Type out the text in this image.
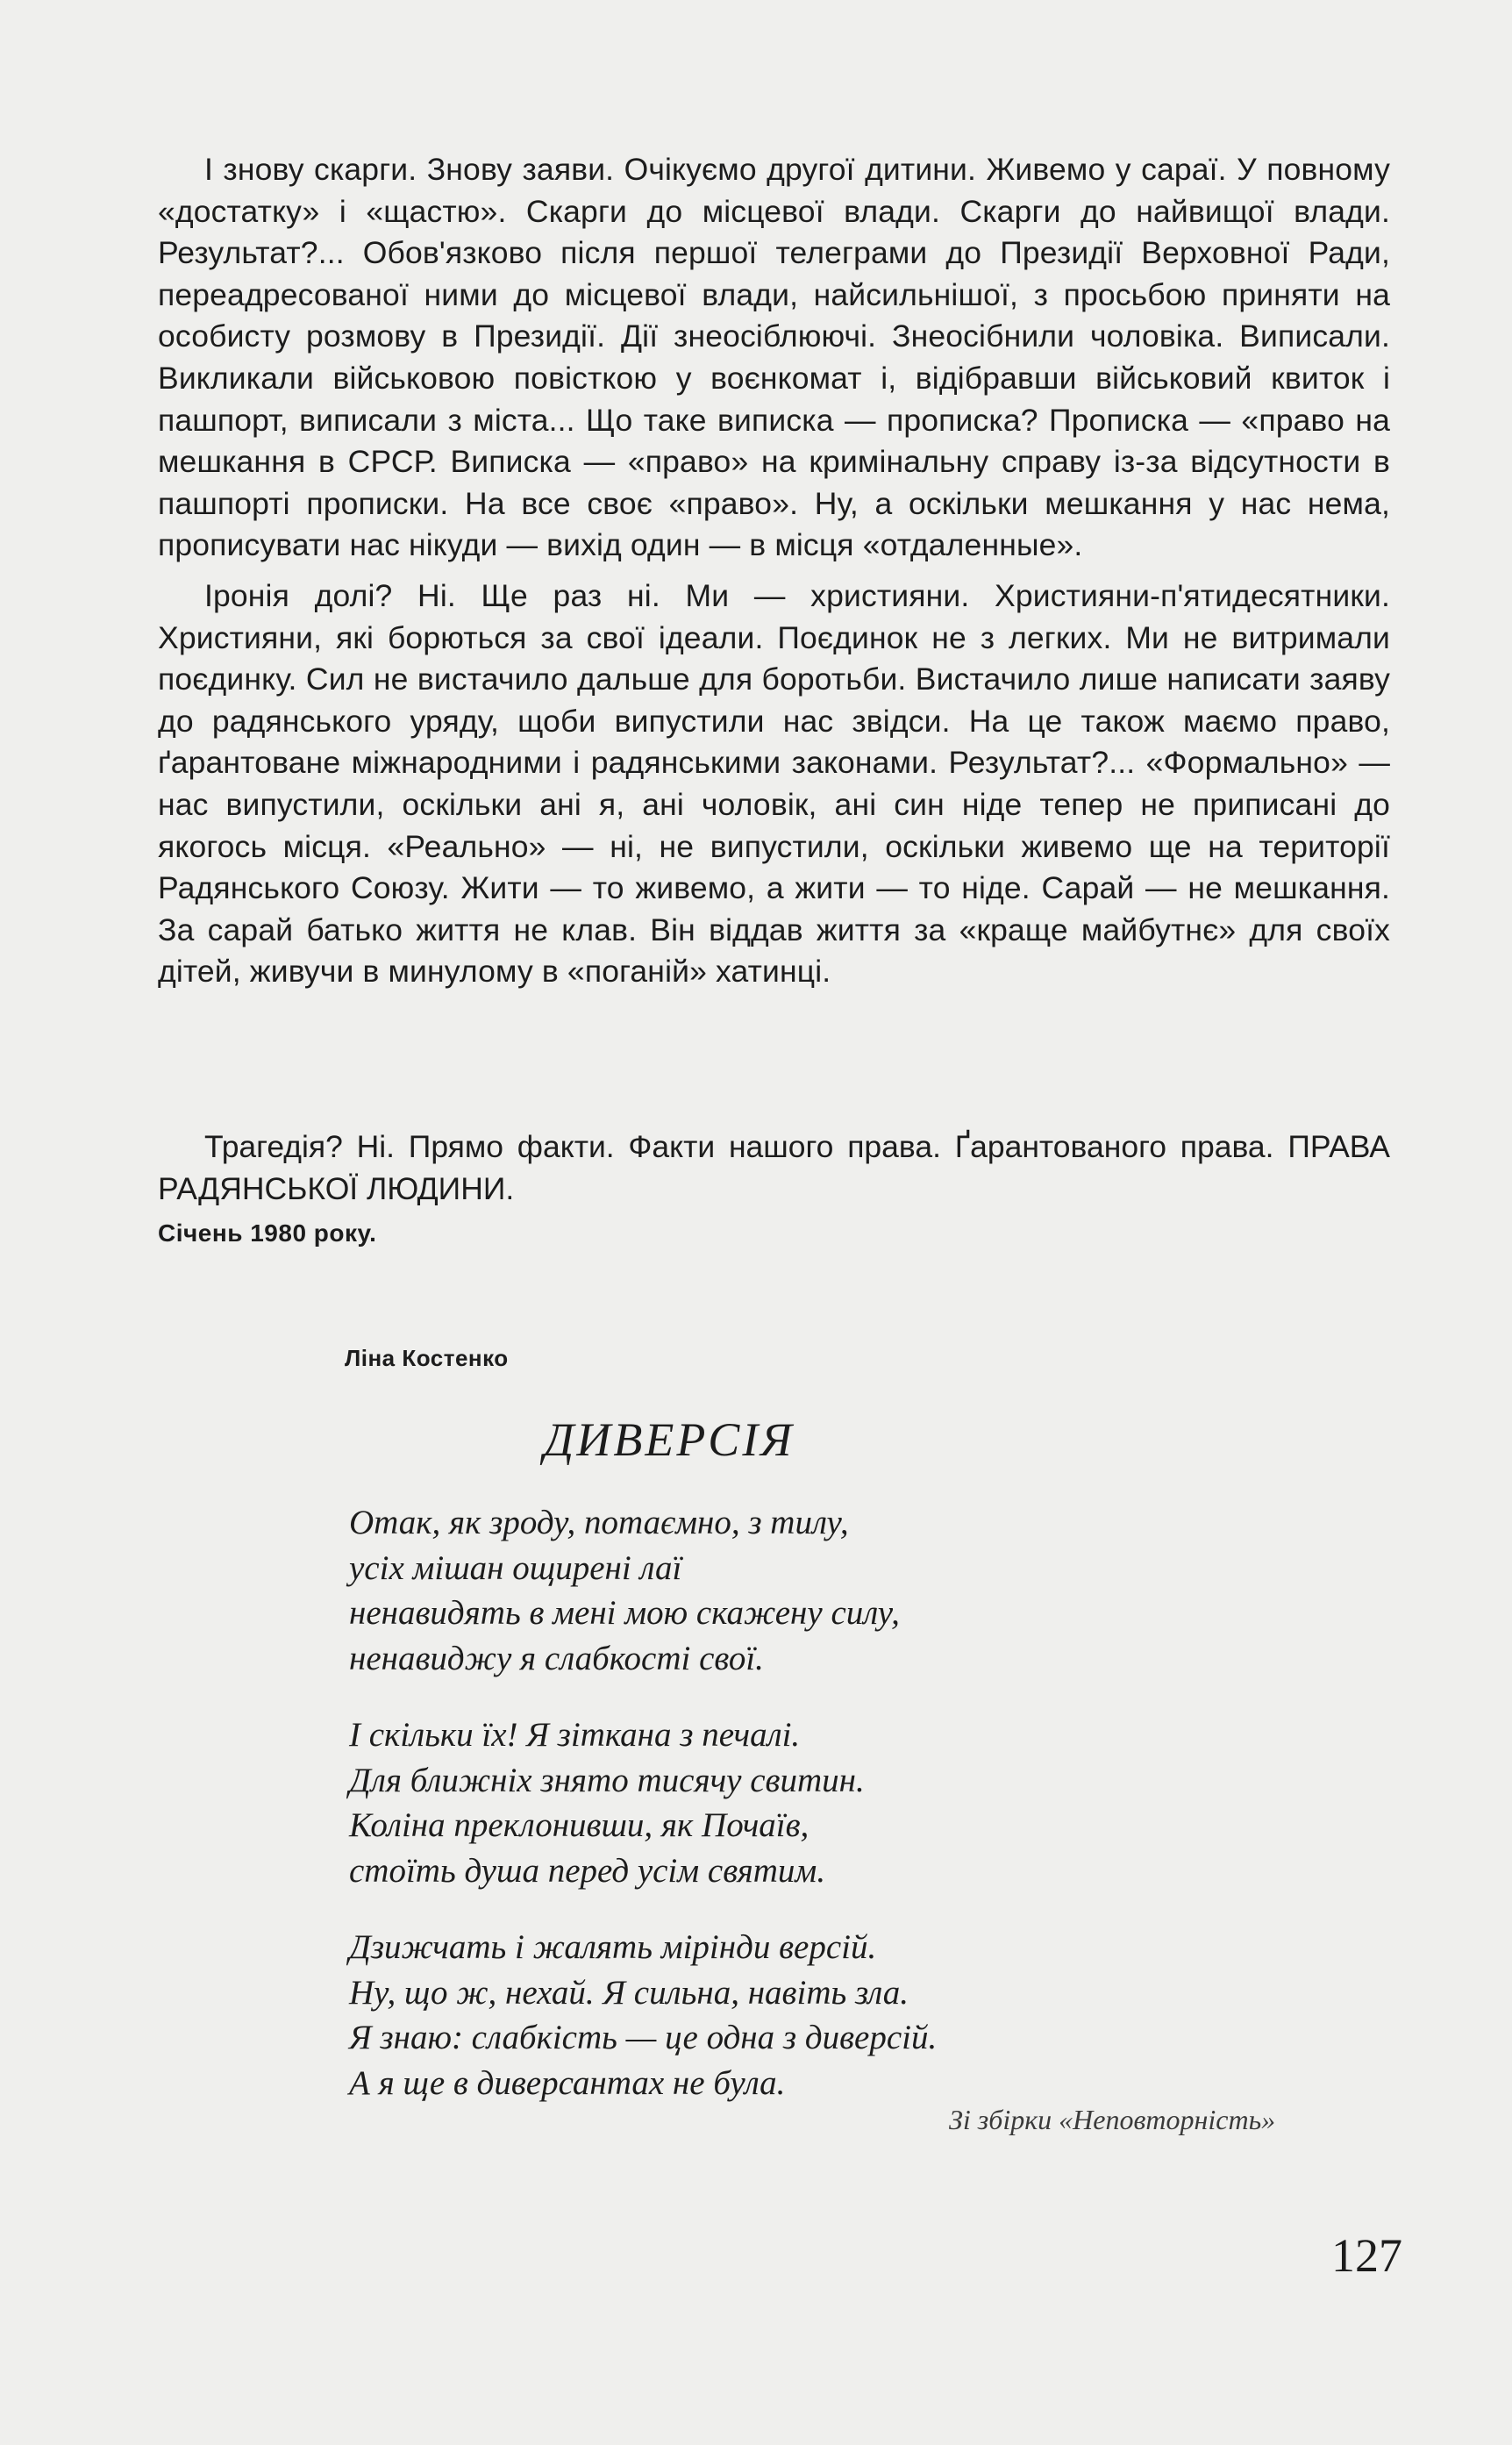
І знову скарги. Знову заяви. Очікуємо другої дитини. Живемо у сараї. У повному «достатку» і «щастю». Скарги до місцевої влади. Скарги до найвищої влади. Результат?... Обов'язково після першої телеграми до Президії Верховної Ради, переадресованої ними до місцевої влади, найсильнішої, з просьбою приняти на особисту розмову в Президії. Дії знеосіблюючі. Знеосібнили чоловіка. Виписали. Викликали військовою повісткою у воєнкомат і, відібравши військовий квиток і пашпорт, виписали з міста... Що таке виписка — прописка? Прописка — «право на мешкання в СРСР. Виписка — «право» на кримінальну справу із-за відсутности в пашпорті прописки. На все своє «право». Ну, а оскільки мешкання у нас нема, прописувати нас нікуди — вихід один — в місця «отдаленные».

Іронія долі? Ні. Ще раз ні. Ми — християни. Християни-п'ятидесятники. Християни, які борються за свої ідеали. Поєдинок не з легких. Ми не витримали поєдинку. Сил не вистачило дальше для боротьби. Вистачило лише написати заяву до радянського уряду, щоби випустили нас звідси. На це також маємо право, ґарантоване міжнародними і радянськими законами. Результат?... «Формально» — нас випустили, оскільки ані я, ані чоловік, ані син ніде тепер не приписані до якогось місця. «Реально» — ні, не випустили, оскільки живемо ще на території Радянського Союзу. Жити — то живемо, а жити — то ніде. Сарай — не мешкання. За сарай батько життя не клав. Він віддав життя за «краще майбутнє» для своїх дітей, живучи в минулому в «поганій» хатинці.

Трагедія? Ні. Прямо факти. Факти нашого права. Ґарантованого права. ПРАВА РАДЯНСЬКОЇ ЛЮДИНИ.

Січень 1980 року.
Ліна Костенко
ДИВЕРСІЯ
Отак, як зроду, потаємно, з тилу,
усіх мішан ощирені лаї
ненавидять в мені мою скажену силу,
ненавиджу я слабкості свої.
І скільки їх! Я зіткана з печалі.
Для ближніх знято тисячу свитин.
Коліна преклонивши, як Почаїв,
стоїть душа перед усім святим.
Дзижчать і жалять мірінди версій.
Ну, що ж, нехай. Я сильна, навіть зла.
Я знаю: слабкість — це одна з диверсій.
А я ще в диверсантах не була.
Зі збірки «Неповторність»
127
